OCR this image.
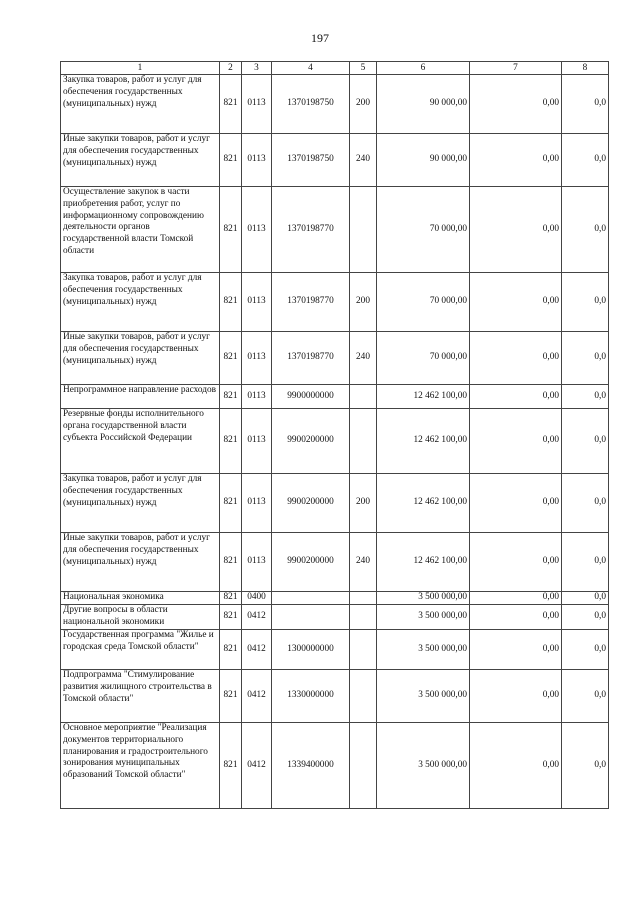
197
1	2	3	4	5	6	7	8
Закупка товаров, работ и услуг для обеспечения государственных (муниципальных) нужд	821	0113	1370198750	200	90 000,00	0,00	0,0
Иные закупки товаров, работ и услуг для обеспечения государственных (муниципальных) нужд	821	0113	1370198750	240	90 000,00	0,00	0,0
Осуществление закупок в части приобретения работ, услуг по информационному сопровождению деятельности органов государственной власти Томской области	821	0113	1370198770		70 000,00	0,00	0,0
Закупка товаров, работ и услуг для обеспечения государственных (муниципальных) нужд	821	0113	1370198770	200	70 000,00	0,00	0,0
Иные закупки товаров, работ и услуг для обеспечения государственных (муниципальных) нужд	821	0113	1370198770	240	70 000,00	0,00	0,0
Непрограммное направление расходов	821	0113	9900000000		12 462 100,00	0,00	0,0
Резервные фонды исполнительного органа государственной власти субъекта Российской Федерации	821	0113	9900200000		12 462 100,00	0,00	0,0
Закупка товаров, работ и услуг для обеспечения государственных (муниципальных) нужд	821	0113	9900200000	200	12 462 100,00	0,00	0,0
Иные закупки товаров, работ и услуг для обеспечения государственных (муниципальных) нужд	821	0113	9900200000	240	12 462 100,00	0,00	0,0
Национальная экономика	821	0400			3 500 000,00	0,00	0,0
Другие вопросы в области национальной экономики	821	0412			3 500 000,00	0,00	0,0
Государственная программа "Жилье и городская среда Томской области"	821	0412	1300000000		3 500 000,00	0,00	0,0
Подпрограмма "Стимулирование развития жилищного строительства в Томской области"	821	0412	1330000000		3 500 000,00	0,00	0,0
Основное мероприятие "Реализация документов территориального планирования и градостроительного зонирования муниципальных образований Томской области"	821	0412	1339400000		3 500 000,00	0,00	0,0
